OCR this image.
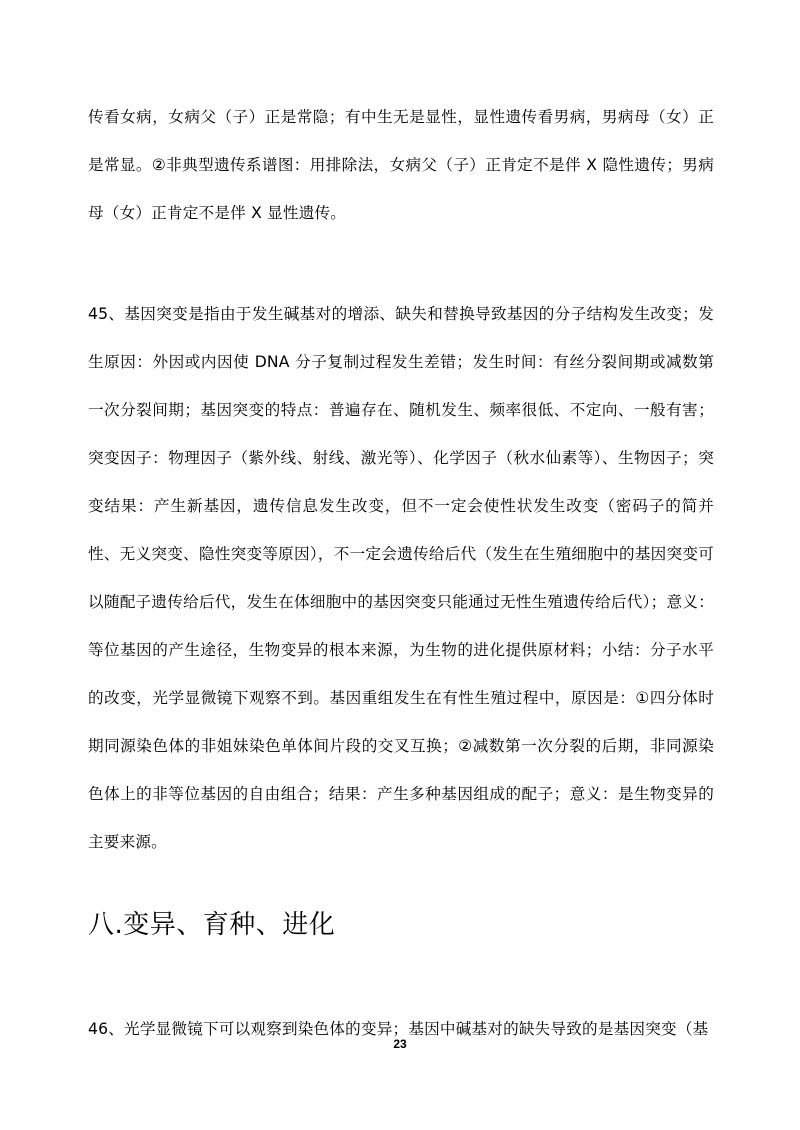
传看女病，女病父（子）正是常隐；有中生无是显性，显性遗传看男病，男病母（女）正是常显。②非典型遗传系谱图：用排除法，女病父（子）正肯定不是伴 X 隐性遗传；男病母（女）正肯定不是伴 X 显性遗传。

45、基因突变是指由于发生碱基对的增添、缺失和替换导致基因的分子结构发生改变；发生原因：外因或内因使 DNA 分子复制过程发生差错；发生时间：有丝分裂间期或减数第一次分裂间期；基因突变的特点：普遍存在、随机发生、频率很低、不定向、一般有害；突变因子：物理因子（紫外线、射线、激光等）、化学因子（秋水仙素等）、生物因子；突变结果：产生新基因，遗传信息发生改变，但不一定会使性状发生改变（密码子的简并性、无义突变、隐性突变等原因），不一定会遗传给后代（发生在生殖细胞中的基因突变可以随配子遗传给后代，发生在体细胞中的基因突变只能通过无性生殖遗传给后代）；意义：等位基因的产生途径，生物变异的根本来源，为生物的进化提供原材料；小结：分子水平的改变，光学显微镜下观察不到。基因重组发生在有性生殖过程中，原因是：①四分体时期同源染色体的非姐妹染色单体间片段的交叉互换；②减数第一次分裂的后期，非同源染色体上的非等位基因的自由组合；结果：产生多种基因组成的配子；意义：是生物变异的主要来源。

八.变异、育种、进化

46、光学显微镜下可以观察到染色体的变异；基因中碱基对的缺失导致的是基因突变（基

23
